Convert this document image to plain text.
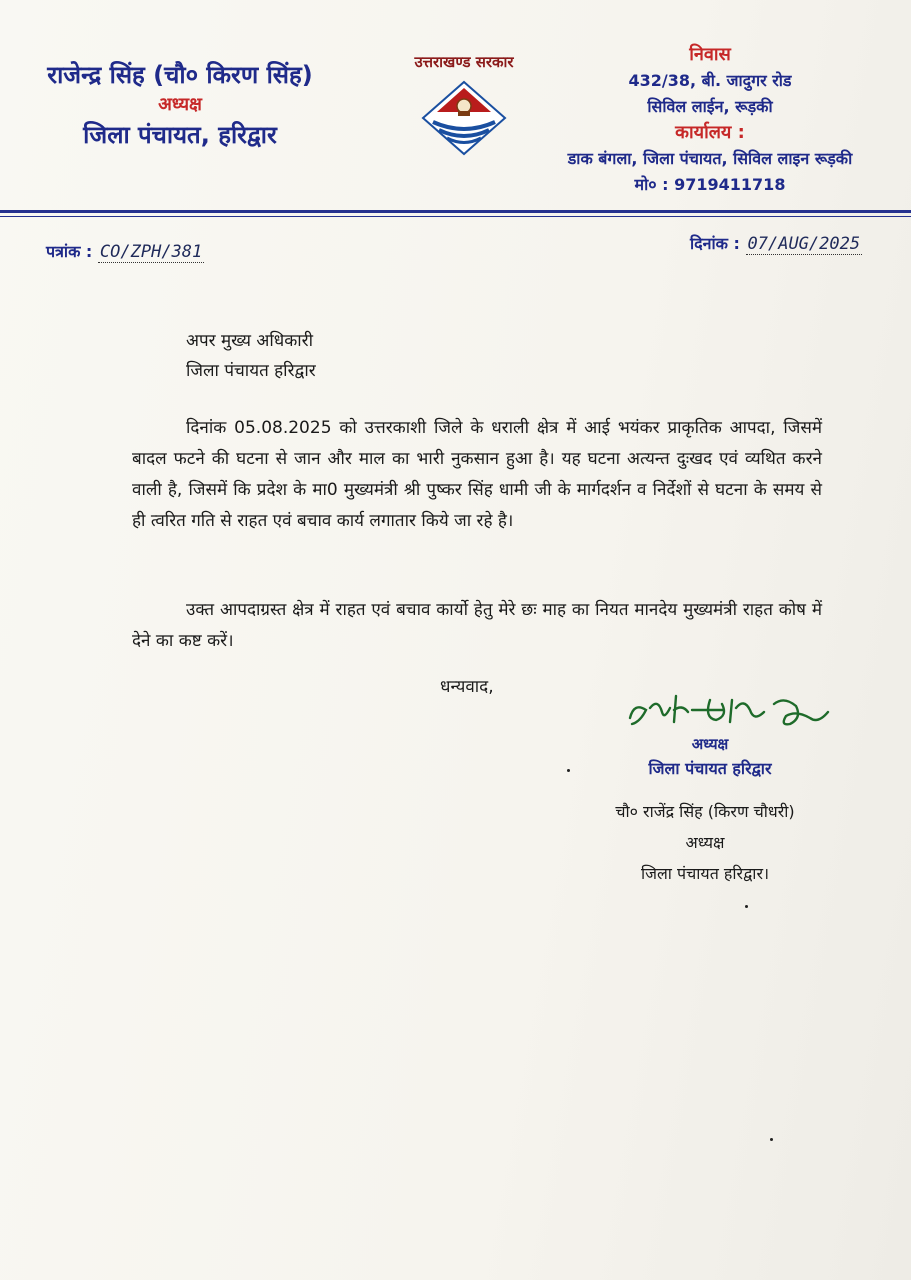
राजेन्द्र सिंह (चौ० किरण सिंह)

अध्यक्ष

जिला पंचायत, हरिद्वार

उत्तराखण्ड सरकार	निवास
432/38, बी. जादुगर रोड
सिविल लाईन, रूड़की
कार्यालय :
डाक बंगला, जिला पंचायत, सिविल लाइन रूड़की
मो० : 9719411718
पत्रांक : CO/ZPH/381	दिनांक : 07/AUG/2025
अपर मुख्य अधिकारी
जिला पंचायत हरिद्वार

दिनांक 05.08.2025 को उत्तरकाशी जिले के धराली क्षेत्र में आई भयंकर प्राकृतिक आपदा, जिसमें बादल फटने की घटना से जान और माल का भारी नुकसान हुआ है। यह घटना अत्यन्त दुःखद एवं व्यथित करने वाली है, जिसमें कि प्रदेश के मा0 मुख्यमंत्री श्री पुष्कर सिंह धामी जी के मार्गदर्शन व निर्देशों से घटना के समय से ही त्वरित गति से राहत एवं बचाव कार्य लगातार किये जा रहे है।

उक्त आपदाग्रस्त क्षेत्र में राहत एवं बचाव कार्यो हेतु मेरे छः माह का नियत मानदेय मुख्यमंत्री राहत कोष में देने का कष्ट करें।

धन्यवाद,
अध्यक्ष
जिला पंचायत हरिद्वार
चौ० राजेंद्र सिंह (किरण चौधरी)
अध्यक्ष
जिला पंचायत हरिद्वार।
